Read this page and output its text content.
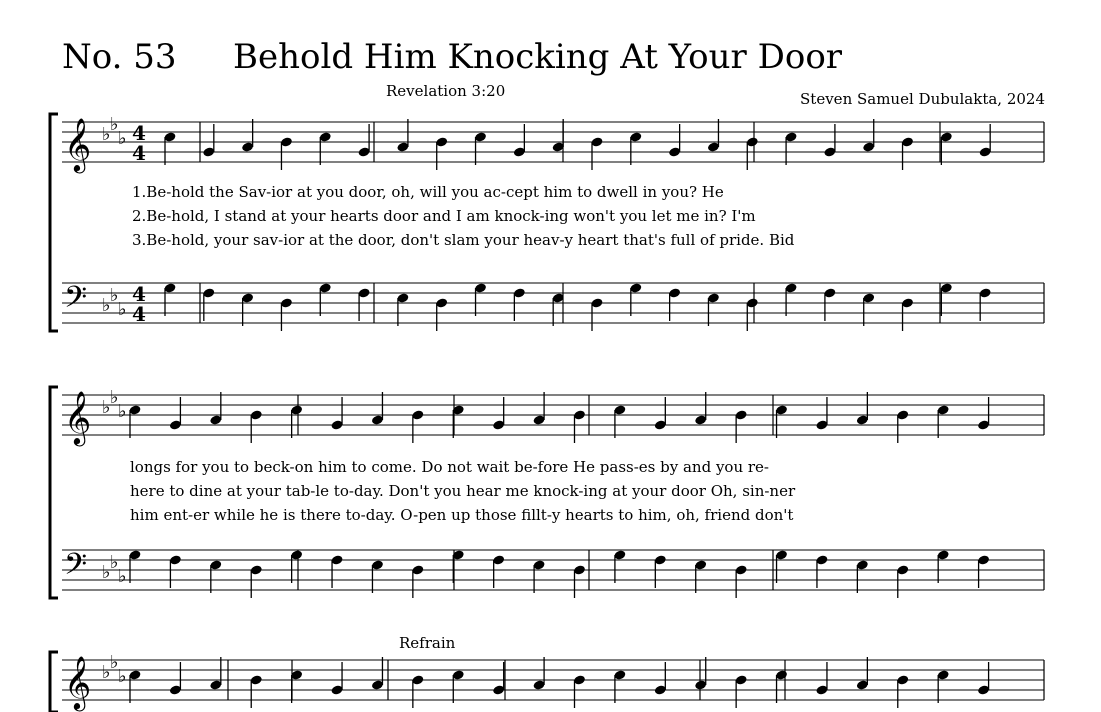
No. 53 Behold Him Knocking At Your Door
Revelation 3:20	Steven Samuel Dubulakta, 2024
𝄞 ♭ ♭
♭ 4
4
𝄢 ♭ ♭
♭
4
4
𝄞 ♭ ♭
♭
𝄢 ♭ ♭
♭
𝄞 ♭ ♭
♭
1.Be-hold the Sav-ior at you door, oh, will you ac-cept him to dwell in you? He
2.Be-hold, I stand at your hearts door and I am knock-ing won't you let me in? I'm
3.Be-hold, your sav-ior at the door, don't slam your heav-y heart that's full of pride. Bid
longs for you to beck-on him to come. Do not wait be-fore He pass-es by and you re-
here to dine at your tab-le to-day. Don't you hear me knock-ing at your door Oh, sin-ner
him ent-er while he is there to-day. O-pen up those fillt-y hearts to him, oh, friend don't
Refrain
